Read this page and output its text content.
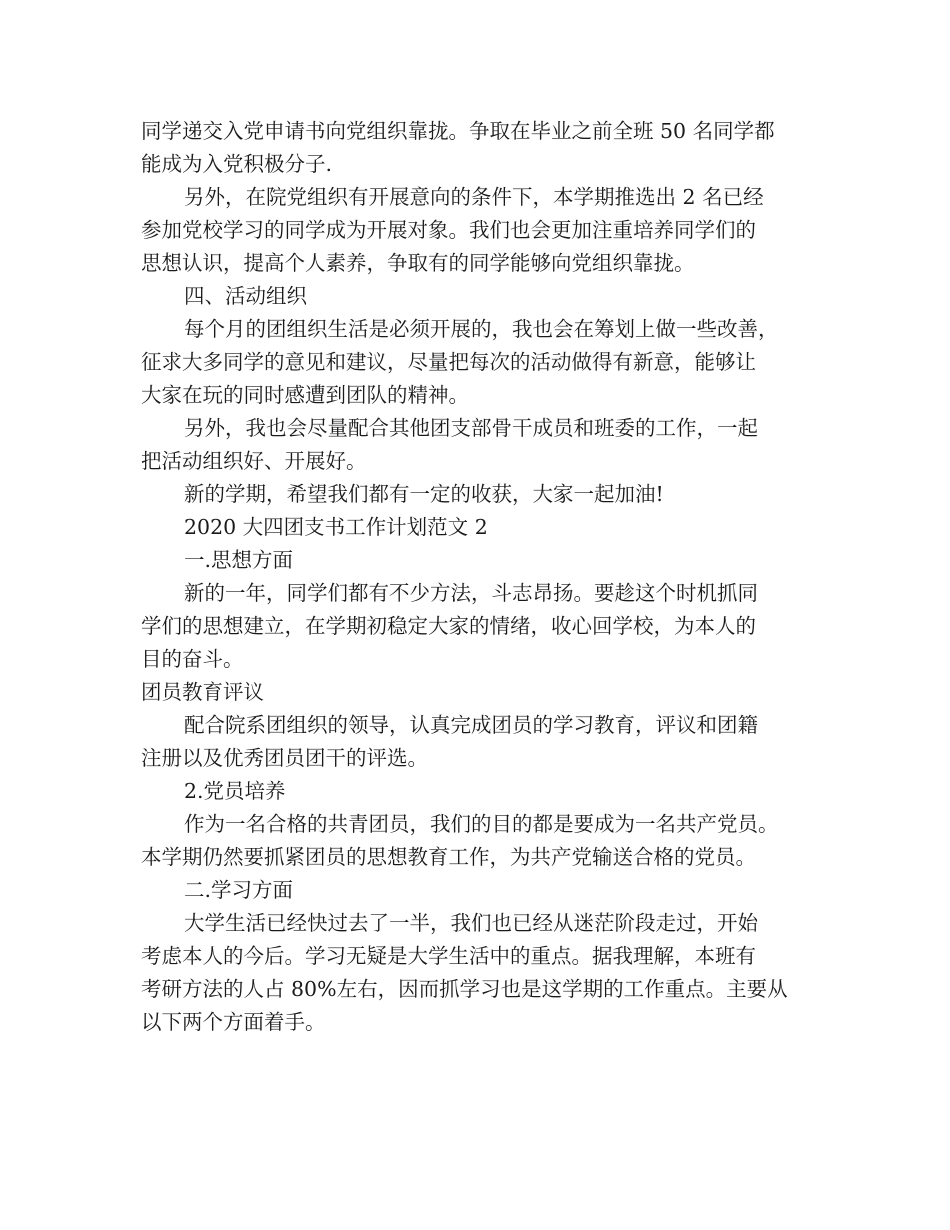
同学递交入党申请书向党组织靠拢。争取在毕业之前全班 50 名同学都
能成为入党积极分子.
另外，在院党组织有开展意向的条件下，本学期推选出 2 名已经
参加党校学习的同学成为开展对象。我们也会更加注重培养同学们的
思想认识，提高个人素养，争取有的同学能够向党组织靠拢。
四、活动组织
每个月的团组织生活是必须开展的，我也会在筹划上做一些改善，
征求大多同学的意见和建议，尽量把每次的活动做得有新意，能够让
大家在玩的同时感遭到团队的精神。
另外，我也会尽量配合其他团支部骨干成员和班委的工作，一起
把活动组织好、开展好。
新的学期，希望我们都有一定的收获，大家一起加油!
2020 大四团支书工作计划范文 2
一.思想方面
新的一年，同学们都有不少方法，斗志昂扬。要趁这个时机抓同
学们的思想建立，在学期初稳定大家的情绪，收心回学校，为本人的
目的奋斗。
团员教育评议
配合院系团组织的领导，认真完成团员的学习教育，评议和团籍
注册以及优秀团员团干的评选。
2.党员培养
作为一名合格的共青团员，我们的目的都是要成为一名共产党员。
本学期仍然要抓紧团员的思想教育工作，为共产党输送合格的党员。
二.学习方面
大学生活已经快过去了一半，我们也已经从迷茫阶段走过，开始
考虑本人的今后。学习无疑是大学生活中的重点。据我理解，本班有
考研方法的人占 80%左右，因而抓学习也是这学期的工作重点。主要从
以下两个方面着手。
